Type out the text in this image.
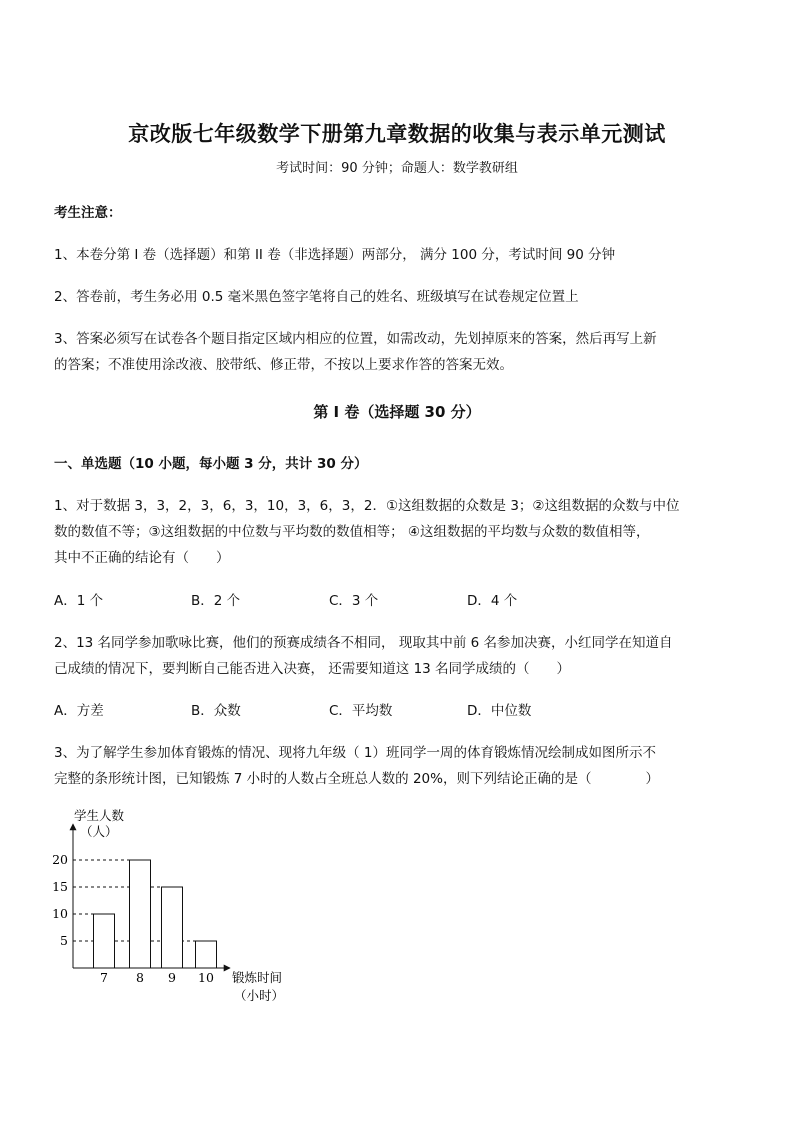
京改版七年级数学下册第九章数据的收集与表示单元测试
考试时间：90 分钟；命题人：数学教研组
考生注意：
1、本卷分第 I 卷（选择题）和第 II 卷（非选择题）两部分， 满分 100 分，考试时间 90 分钟
2、答卷前，考生务必用 0.5 毫米黑色签字笔将自己的姓名、班级填写在试卷规定位置上
3、答案必须写在试卷各个题目指定区域内相应的位置，如需改动，先划掉原来的答案，然后再写上新
的答案；不准使用涂改液、胶带纸、修正带，不按以上要求作答的答案无效。
第 I 卷（选择题 30 分）
一、单选题（10 小题，每小题 3 分，共计 30 分）
1、对于数据 3，3，2，3，6，3，10，3，6，3，2．①这组数据的众数是 3；②这组数据的众数与中位
数的数值不等；③这组数据的中位数与平均数的数值相等； ④这组数据的平均数与众数的数值相等，
其中不正确的结论有（　　）
A．1 个	B．2 个	C．3 个	D．4 个
2、13 名同学参加歌咏比赛，他们的预赛成绩各不相同， 现取其中前 6 名参加决赛，小红同学在知道自
己成绩的情况下，要判断自己能否进入决赛， 还需要知道这 13 名同学成绩的（　　）
A．方差	B．众数	C．平均数	D．中位数
3、为了解学生参加体育锻炼的情况、现将九年级（ 1）班同学一周的体育锻炼情况绘制成如图所示不
完整的条形统计图，已知锻炼 7 小时的人数占全班总人数的 20%，则下列结论正确的是（　　　　）
学生人数
（人）
锻炼时间
（小时）
5
10
15
20
7 8 9 10
